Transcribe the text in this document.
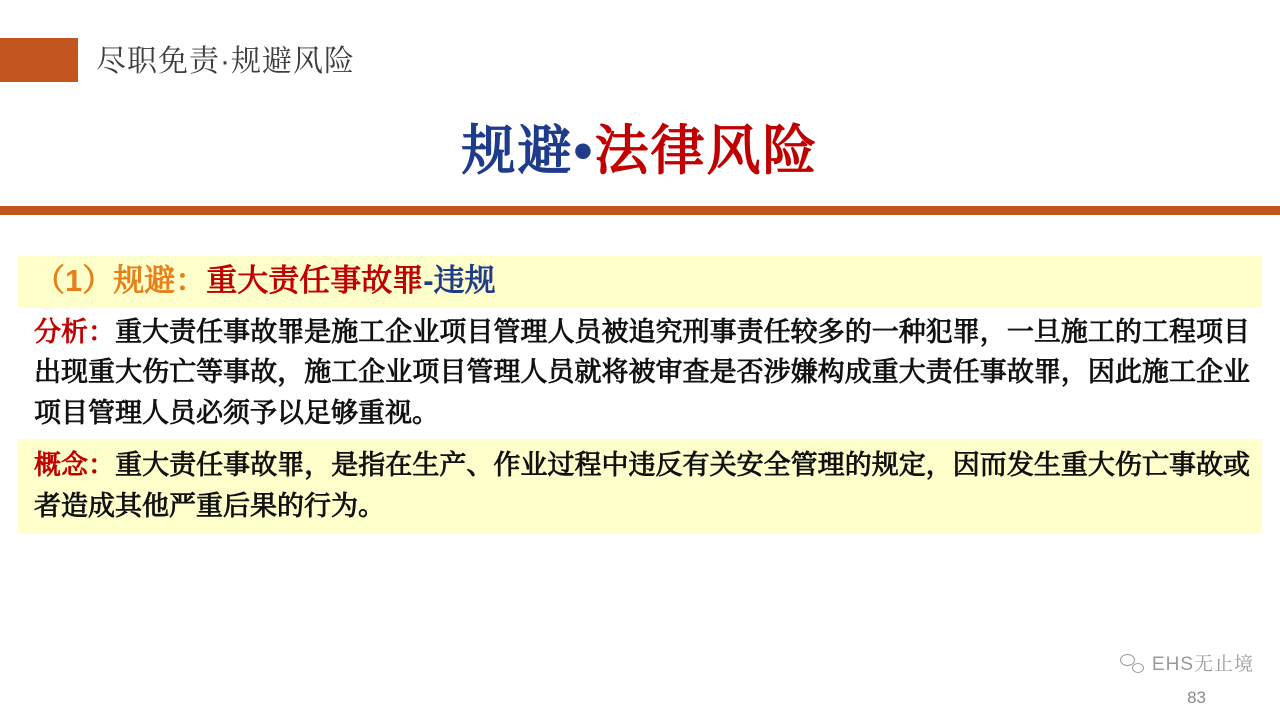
尽职免责·规避风险
规避•法律风险
（1）规避：重大责任事故罪-违规

分析：重大责任事故罪是施工企业项目管理人员被追究刑事责任较多的一种犯罪，一旦施工的工程项目出现重大伤亡等事故，施工企业项目管理人员就将被审查是否涉嫌构成重大责任事故罪，因此施工企业项目管理人员必须予以足够重视。

概念：重大责任事故罪，是指在生产、作业过程中违反有关安全管理的规定，因而发生重大伤亡事故或者造成其他严重后果的行为。

EHS无止境
83
